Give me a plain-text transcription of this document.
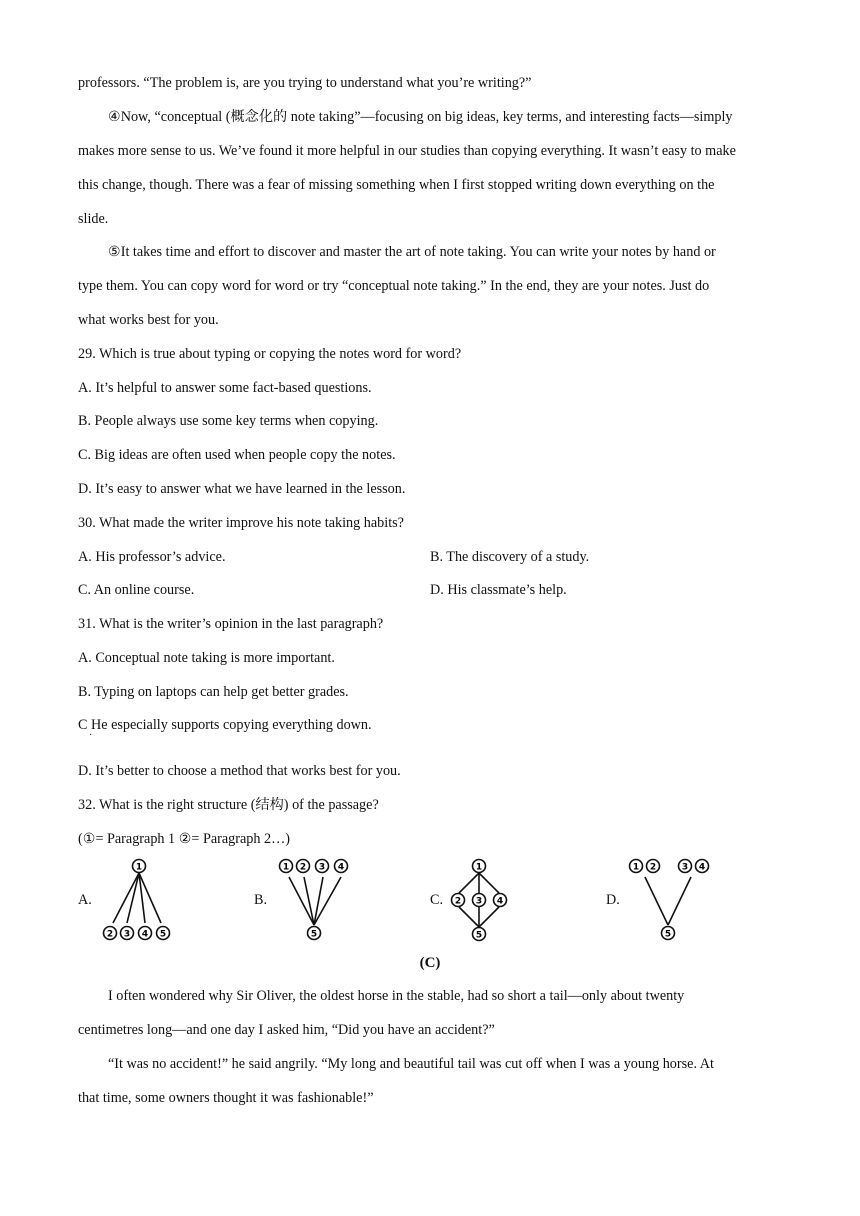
professors. “The problem is, are you trying to understand what you’re writing?”
④Now, “conceptual (概念化的 note taking”—focusing on big ideas, key terms, and interesting facts—simply
makes more sense to us. We’ve found it more helpful in our studies than copying everything. It wasn’t easy to make
this change, though. There was a fear of missing something when I first stopped writing down everything on the
slide.
⑤It takes time and effort to discover and master the art of note taking. You can write your notes by hand or
type them. You can copy word for word or try “conceptual note taking.” In the end, they are your notes. Just do
what works best for you.
29. Which is true about typing or copying the notes word for word?
A. It’s helpful to answer some fact-based questions.
B. People always use some key terms when copying.
C. Big ideas are often used when people copy the notes.
D. It’s easy to answer what we have learned in the lesson.
30. What made the writer improve his note taking habits?
A. His professor’s advice.	B. The discovery of a study.
C. An online course.	D. His classmate’s help.
31. What is the writer’s opinion in the last paragraph?
A. Conceptual note taking is more important.
B. Typing on laptops can help get better grades.
C He especially supports copying everything down.
·
D. It’s better to choose a method that works best for you.
32. What is the right structure (结构) of the passage?
(①= Paragraph 1 ②= Paragraph 2…)
A.	B.	C.	D.
1
2 3 4 5
1 2 3 4
5
1
2 3 4
5
1 2	3 4
5
(C)
I often wondered why Sir Oliver, the oldest horse in the stable, had so short a tail—only about twenty
centimetres long—and one day I asked him, “Did you have an accident?”
“It was no accident!” he said angrily. “My long and beautiful tail was cut off when I was a young horse. At
that time, some owners thought it was fashionable!”
